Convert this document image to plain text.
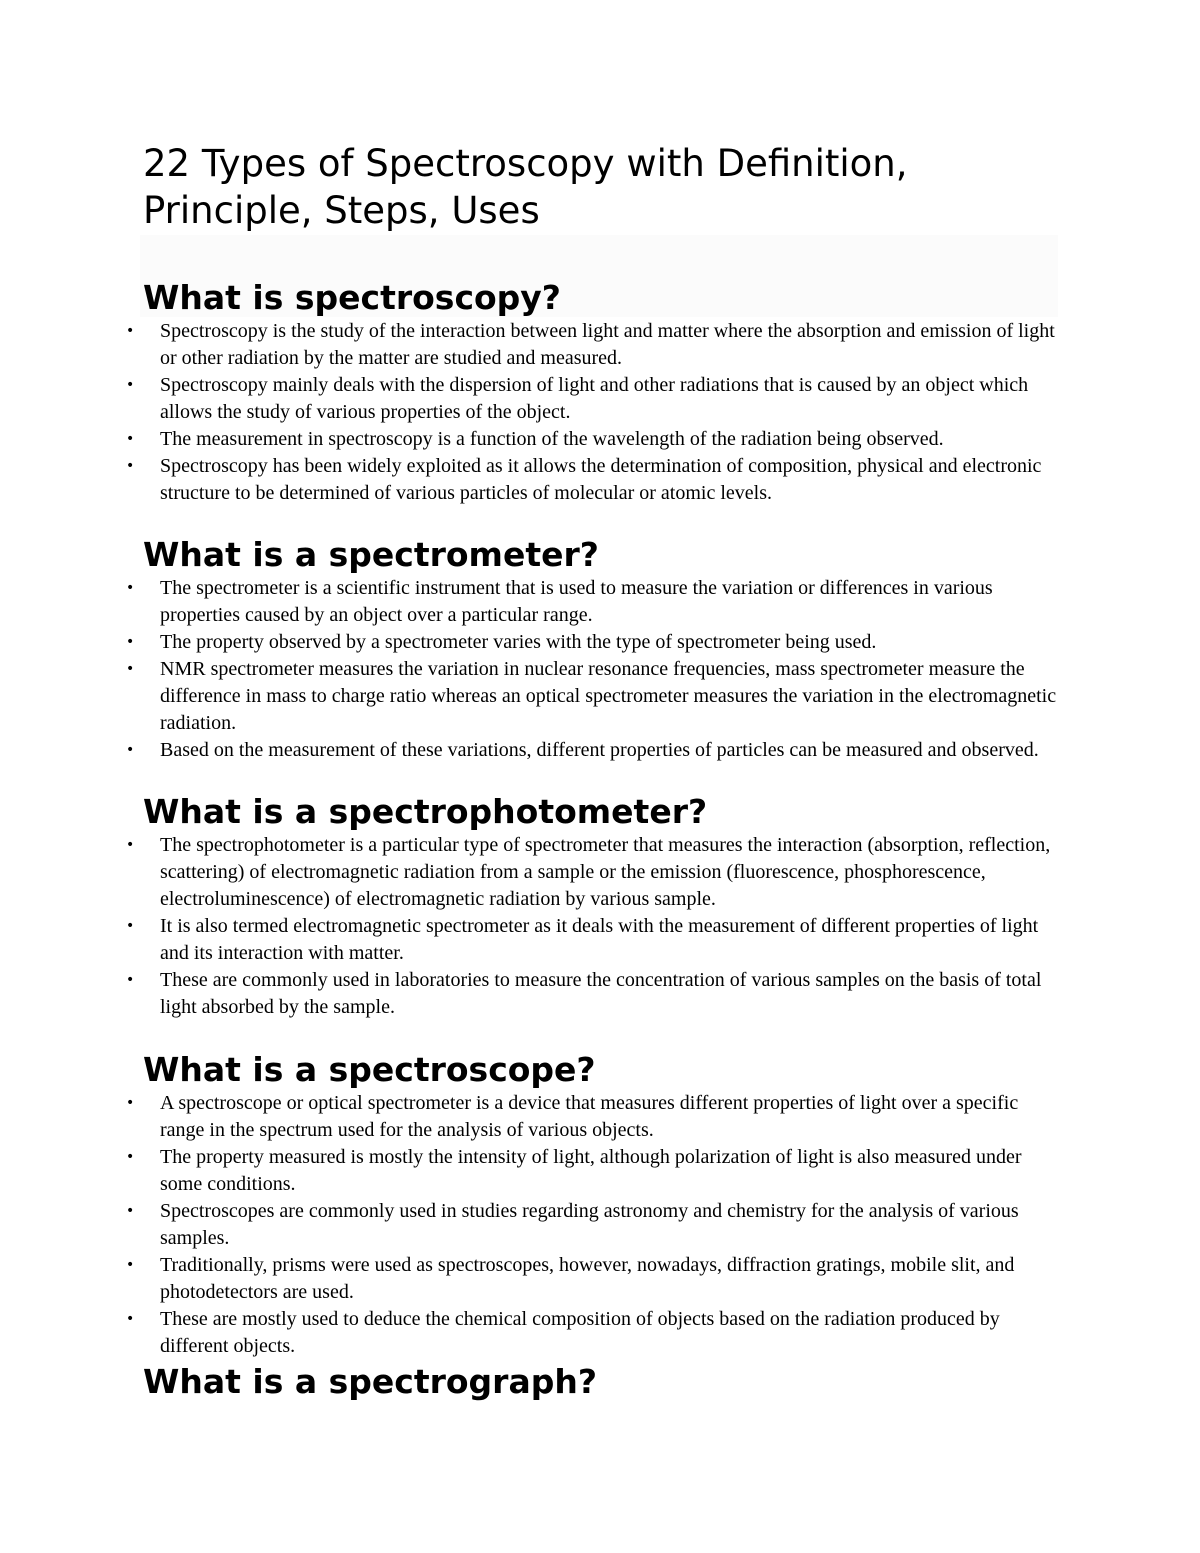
22 Types of Spectroscopy with Definition, Principle, Steps, Uses
What is spectroscopy?
• Spectroscopy is the study of the interaction between light and matter where the absorption and emission of light or other radiation by the matter are studied and measured.
• Spectroscopy mainly deals with the dispersion of light and other radiations that is caused by an object which allows the study of various properties of the object.
• The measurement in spectroscopy is a function of the wavelength of the radiation being observed.
• Spectroscopy has been widely exploited as it allows the determination of composition, physical and electronic structure to be determined of various particles of molecular or atomic levels.
What is a spectrometer?
• The spectrometer is a scientific instrument that is used to measure the variation or differences in various properties caused by an object over a particular range.
• The property observed by a spectrometer varies with the type of spectrometer being used.
• NMR spectrometer measures the variation in nuclear resonance frequencies, mass spectrometer measure the difference in mass to charge ratio whereas an optical spectrometer measures the variation in the electromagnetic radiation.
• Based on the measurement of these variations, different properties of particles can be measured and observed.
What is a spectrophotometer?
• The spectrophotometer is a particular type of spectrometer that measures the interaction (absorption, reflection, scattering) of electromagnetic radiation from a sample or the emission (fluorescence, phosphorescence, electroluminescence) of electromagnetic radiation by various sample.
• It is also termed electromagnetic spectrometer as it deals with the measurement of different properties of light and its interaction with matter.
• These are commonly used in laboratories to measure the concentration of various samples on the basis of total light absorbed by the sample.
What is a spectroscope?
• A spectroscope or optical spectrometer is a device that measures different properties of light over a specific range in the spectrum used for the analysis of various objects.
• The property measured is mostly the intensity of light, although polarization of light is also measured under some conditions.
• Spectroscopes are commonly used in studies regarding astronomy and chemistry for the analysis of various samples.
• Traditionally, prisms were used as spectroscopes, however, nowadays, diffraction gratings, mobile slit, and photodetectors are used.
• These are mostly used to deduce the chemical composition of objects based on the radiation produced by different objects.
What is a spectrograph?
